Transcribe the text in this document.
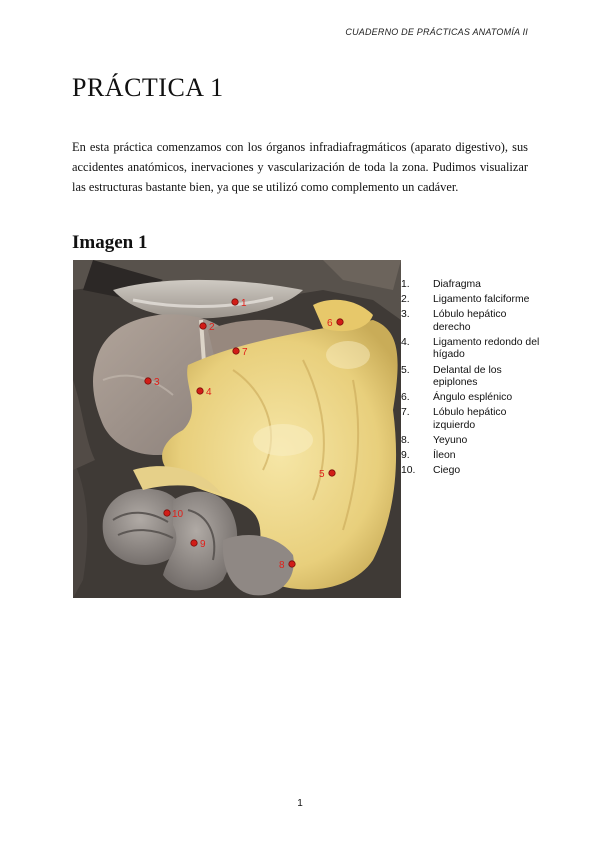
CUADERNO DE PRÁCTICAS ANATOMÍA II
PRÁCTICA 1

En esta práctica comenzamos con los órganos infradiafragmáticos (aparato digestivo), sus accidentes anatómicos, inervaciones y vascularización de toda la zona. Pudimos visualizar las estructuras bastante bien, ya que se utilizó como complemento un cadáver.

Imagen 1
1
2
3
4
5
6
7
8
9
10
1.	Diafragma
2.	Ligamento falciforme
3.	Lóbulo hepático derecho
4.	Ligamento redondo del hígado
5.	Delantal de los epiplones
6.	Ángulo esplénico
7.	Lóbulo hepático izquierdo
8.	Yeyuno
9.	Íleon
10.	Ciego
1
